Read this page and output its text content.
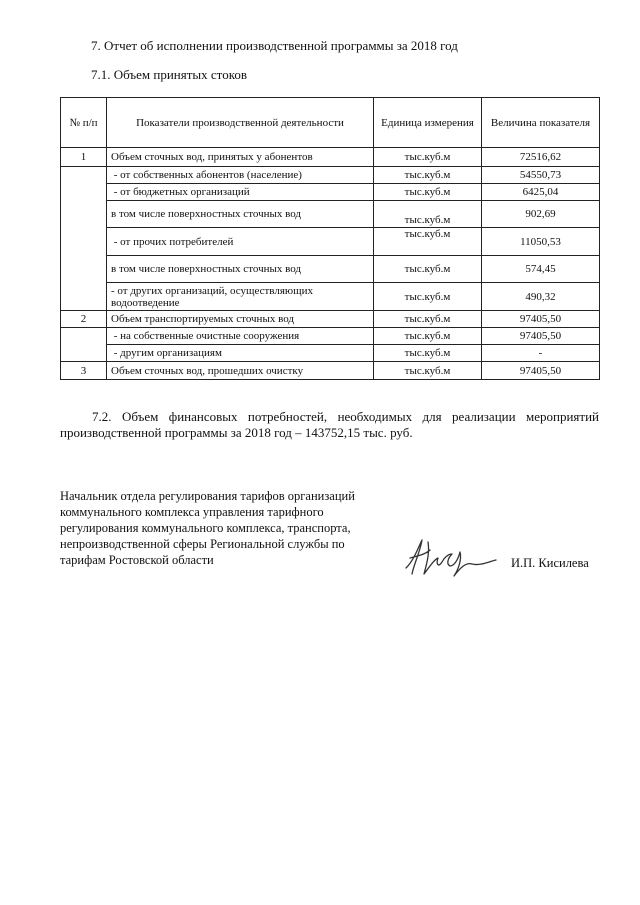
7. Отчет об исполнении производственной программы за 2018 год
7.1. Объем принятых стоков
№ п/п	Показатели производственной деятельности	Единица измерения	Величина показателя
1	Объем сточных вод, принятых у абонентов	тыс.куб.м	72516,62
	- от собственных абонентов (население)	тыс.куб.м	54550,73
	- от бюджетных организаций	тыс.куб.м	6425,04
	в том числе поверхностных сточных вод	тыс.куб.м	902,69
	- от прочих потребителей	тыс.куб.м	11050,53
	в том числе поверхностных сточных вод	тыс.куб.м	574,45
	- от других организаций, осуществляющих водоотведение	тыс.куб.м	490,32
2	Объем транспортируемых сточных вод	тыс.куб.м	97405,50
	- на собственные очистные сооружения	тыс.куб.м	97405,50
	- другим организациям	тыс.куб.м	-
3	Объем сточных вод, прошедших очистку	тыс.куб.м	97405,50
7.2. Объем финансовых потребностей, необходимых для реализации мероприятий производственной программы за 2018 год – 143752,15 тыс. руб.
Начальник отдела регулирования тарифов организаций
коммунального комплекса управления тарифного
регулирования коммунального комплекса, транспорта,
непроизводственной сферы Региональной службы по
тарифам Ростовской области	И.П. Кисилева
